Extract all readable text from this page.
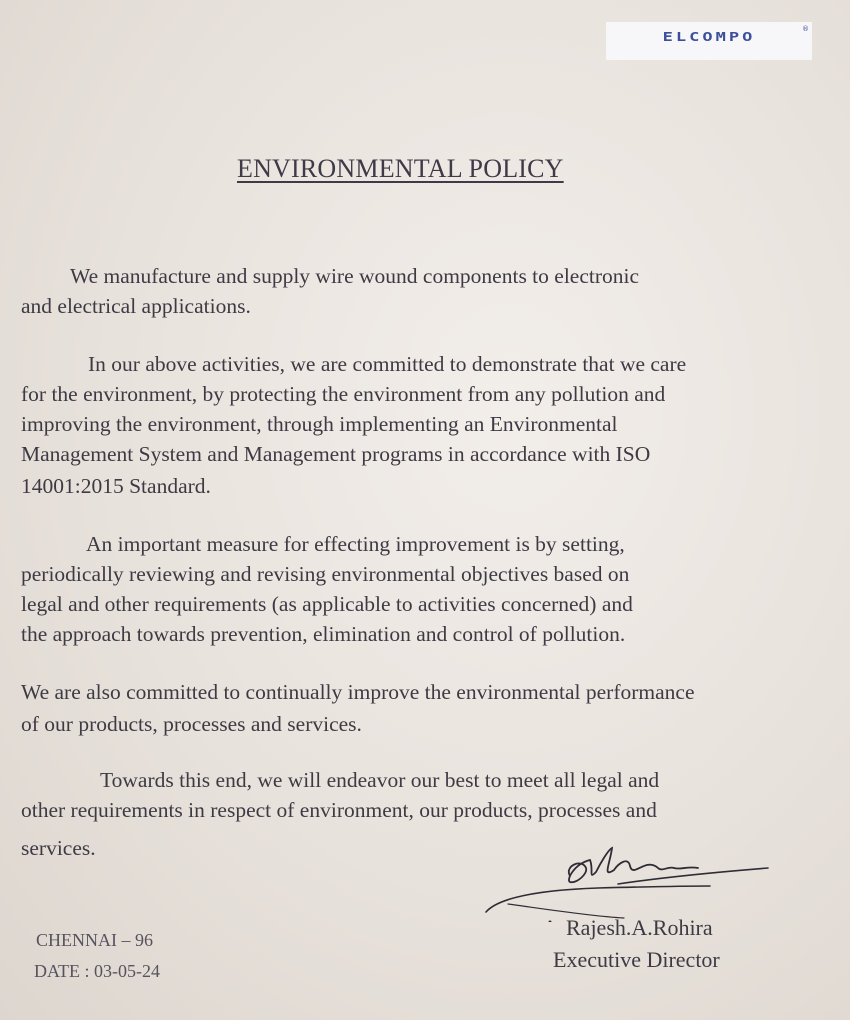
ELCOMPO
®
ENVIRONMENTAL POLICY
We manufacture and supply wire wound components to electronic
and electrical applications.
In our above activities, we are committed to demonstrate that we care
for the environment, by protecting the environment from any pollution and
improving the environment, through implementing an Environmental
Management System and Management programs in accordance with ISO
14001:2015 Standard.
An important measure for effecting improvement is by setting,
periodically reviewing and revising environmental objectives based on
legal and other requirements (as applicable to activities concerned) and
the approach towards prevention, elimination and control of pollution.
We are also committed to continually improve the environmental performance
of our products, processes and services.
Towards this end, we will endeavor our best to meet all legal and
other requirements in respect of environment, our products, processes and
services.
Rajesh.A.Rohira
Executive Director
CHENNAI – 96
DATE : 03-05-24
